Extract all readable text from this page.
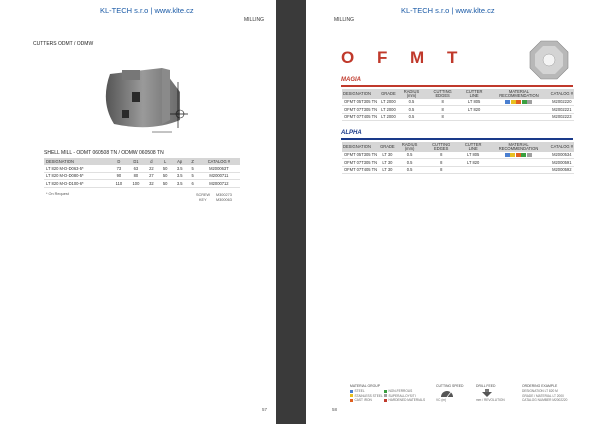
KL-TECH s.r.o | www.klte.cz
MILLING
CUTTERS ODMT / ODMW
SHELL MILL - ODMT 060508 TN / ODMW 060508 TN
DESIGNATION	D	D1	d	L	Ap	Z	CATALOG #
LT 820 M-D-D063-5*	73	63	22	50	3.5	5	M200063T
LT 820 M-D-D080-5*	90	80	27	50	3.5	5	M2000711
LT 820 M-D-D100-6*	110	100	32	50	3.5	6	M2000712
* On Request	SCREW M300273
KEY M300063
57
KL-TECH s.r.o | www.klte.cz
MILLING
O F M T
MAGIA
DESIGNATION	GRADE	RADIUS (mm)	CUTTING EDGES	CUTTER LINE	MATERIAL RECOMMENDATION	CATALOG #
OFMT 05T305 TN	LT 2000	0.5	8	LT 805		M2002220
OFMT 07T305 TN	LT 2000	0.5	8	LT 820		M2002221
OFMT 07T405 TN	LT 2000	0.5	8			M2002223
ALPHA
DESIGNATION	GRADE	RADIUS (mm)	CUTTING EDGES	CUTTER LINE	MATERIAL RECOMMENDATION	CATALOG #
OFMT 05T305 TN	LT 30	0.5	8	LT 805		M2000534
OFMT 07T305 TN	LT 30	0.5	8	LT 820		M2000591
OFMT 07T405 TN	LT 30	0.5	8			M2000592
MATERIAL GROUP
STEEL
STAINLESS STEEL
CAST IRON
NON-FERROUS
SUPERALLOYS/TI
HARDENED MATERIALS
CUTTING SPEED
VC (m)
DRILL FEED
mm / REVOLUTION
ORDERING EXAMPLE
DESIGNATION LT 820 M
GRADE / MATERIAL LT 2000
CATALOG NUMBER M2002220
58
